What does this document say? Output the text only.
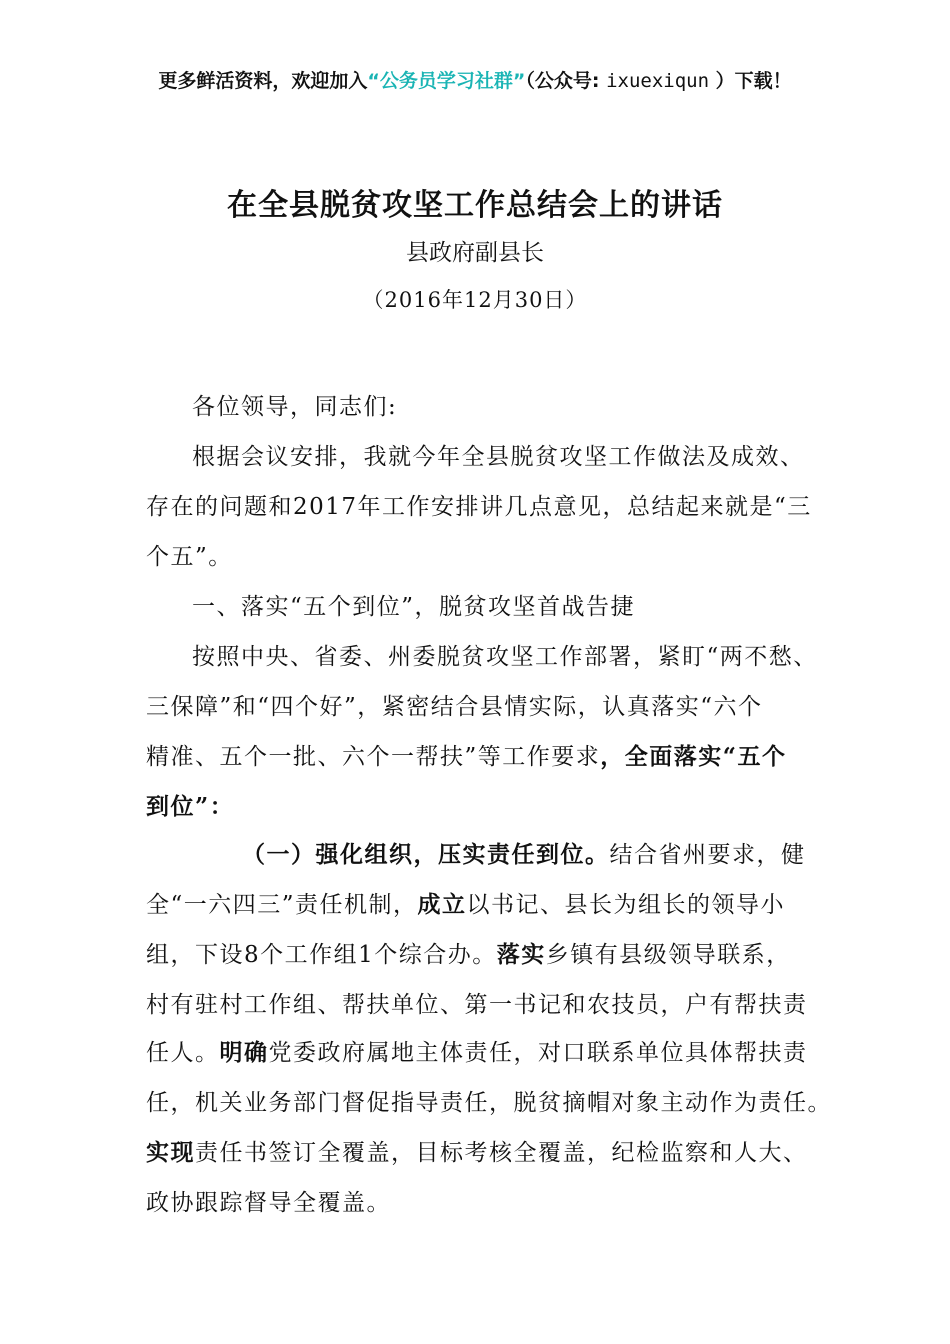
更多鲜活资料，欢迎加入“公务员学习社群”（公众号: ixuexiqun ）下载！
在全县脱贫攻坚工作总结会上的讲话
县政府副县长
（2016年12月30日）
各位领导，同志们:
根据会议安排，我就今年全县脱贫攻坚工作做法及成效、
存在的问题和2017年工作安排讲几点意见，总结起来就是“三
个五”。
一、落实“五个到位”，脱贫攻坚首战告捷
按照中央、省委、州委脱贫攻坚工作部署，紧盯“两不愁、
三保障”和“四个好”，紧密结合县情实际，认真落实“六个
精准、五个一批、六个一帮扶”等工作要求，全面落实“五个
到位”：
（一）强化组织，压实责任到位。结合省州要求，健
全“一六四三”责任机制，成立以书记、县长为组长的领导小
组，下设8个工作组1个综合办。落实乡镇有县级领导联系，
村有驻村工作组、帮扶单位、第一书记和农技员，户有帮扶责
任人。明确党委政府属地主体责任，对口联系单位具体帮扶责
任，机关业务部门督促指导责任，脱贫摘帽对象主动作为责任。
实现责任书签订全覆盖，目标考核全覆盖，纪检监察和人大、
政协跟踪督导全覆盖。
